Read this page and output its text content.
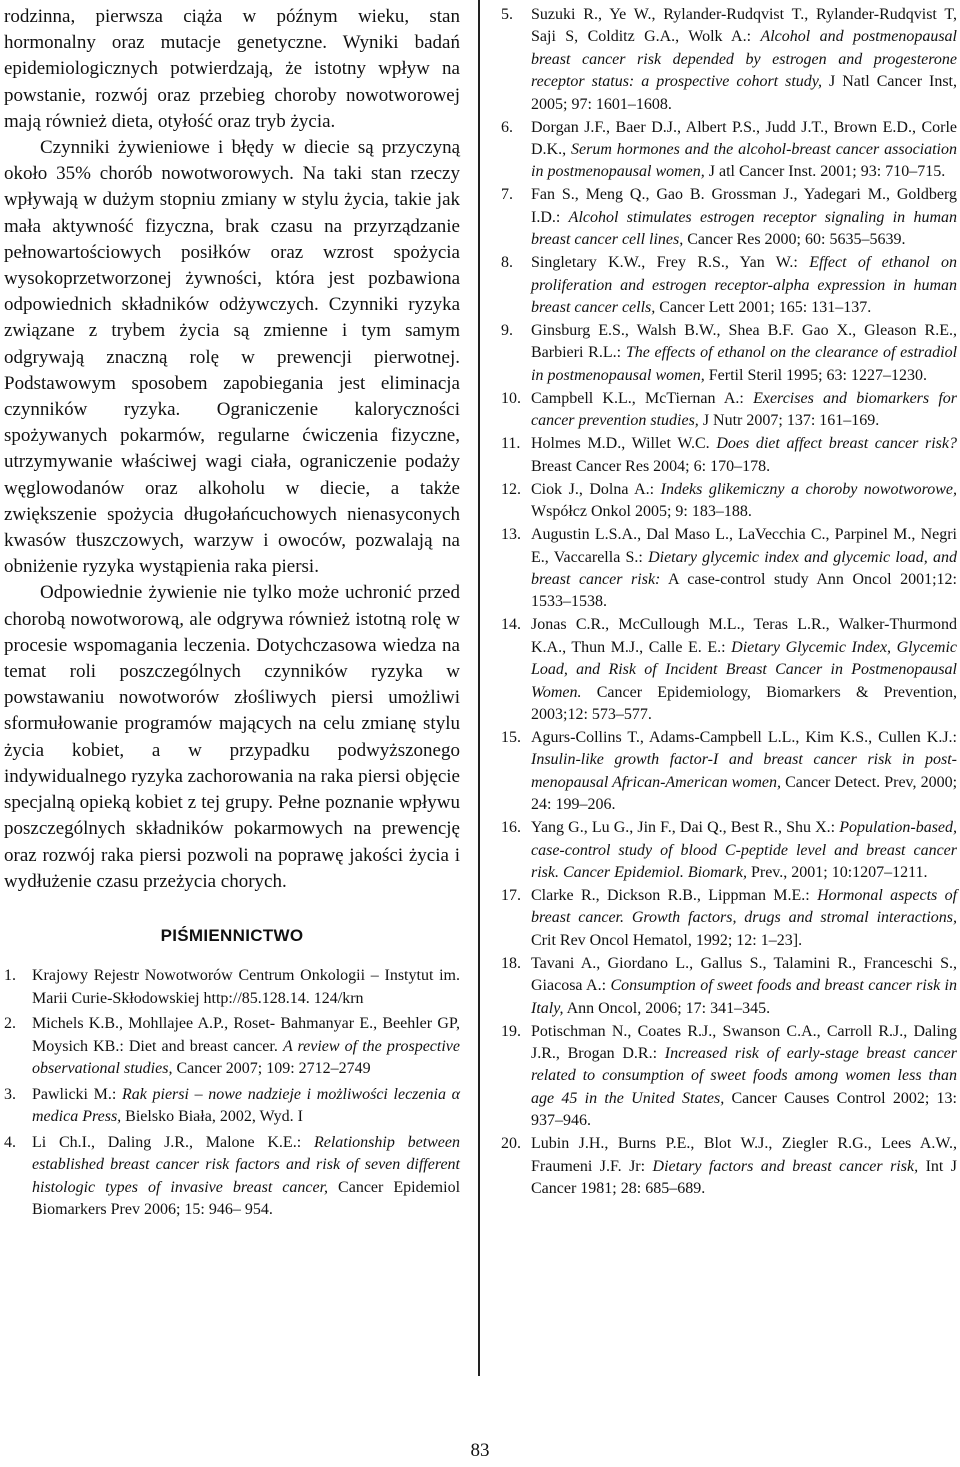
rodzinna, pierwsza ciąża w późnym wieku, stan hormonalny oraz mutacje genetyczne. Wyniki badań epidemiologicznych potwierdzają, że istotny wpływ na powstanie, rozwój oraz przebieg choroby nowotworowej mają również dieta, otyłość oraz tryb życia.

Czynniki żywieniowe i błędy w diecie są przyczyną około 35% chorób nowotworowych. Na taki stan rzeczy wpływają w dużym stopniu zmiany w stylu życia, takie jak mała aktywność fizyczna, brak czasu na przyrządzanie pełnowartościowych posiłków oraz wzrost spożycia wysokoprzetworzonej żywności, która jest pozbawiona odpowiednich składników odżywczych. Czynniki ryzyka związane z trybem życia są zmienne i tym samym odgrywają znaczną rolę w prewencji pierwotnej. Podstawowym sposobem zapobiegania jest eliminacja czynników ryzyka. Ograniczenie kaloryczności spożywanych pokarmów, regularne ćwiczenia fizyczne, utrzymywanie właściwej wagi ciała, ograniczenie podaży węglowodanów oraz alkoholu w diecie, a także zwiększenie spożycia długołańcuchowych nienasyconych kwasów tłuszczowych, warzyw i owoców, pozwalają na obniżenie ryzyka wystąpienia raka piersi.

Odpowiednie żywienie nie tylko może uchronić przed chorobą nowotworową, ale odgrywa również istotną rolę w procesie wspomagania leczenia. Dotychczasowa wiedza na temat roli poszczególnych czynników ryzyka w powstawaniu nowotworów złośliwych piersi umożliwi sformułowanie programów mających na celu zmianę stylu życia kobiet, a w przypadku podwyższonego indywidualnego ryzyka zachorowania na raka piersi objęcie specjalną opieką kobiet z tej grupy. Pełne poznanie wpływu poszczególnych składników pokarmowych na prewencję oraz rozwój raka piersi pozwoli na poprawę jakości życia i wydłużenie czasu przeżycia chorych.

PIŚMIENNICTWO

1. Krajowy Rejestr Nowotworów Centrum Onkologii – Instytut im. Marii Curie-Skłodowskiej http://85.128.14. 124/krn
2. Michels K.B., Mohllajee A.P., Roset- Bahmanyar E., Beehler GP, Moysich KB.: Diet and breast cancer. A review of the prospective observational studies, Cancer 2007; 109: 2712–2749
3. Pawlicki M.: Rak piersi – nowe nadzieje i możliwości leczenia α medica Press, Bielsko Biała, 2002, Wyd. I
4. Li Ch.I., Daling J.R., Malone K.E.: Relationship between established breast cancer risk factors and risk of seven different histologic types of invasive breast cancer, Cancer Epidemiol Biomarkers Prev 2006; 15: 946– 954.
5. Suzuki R., Ye W., Rylander-Rudqvist T., Rylander-Rudqvist T, Saji S, Colditz G.A., Wolk A.: Alcohol and postmenopausal breast cancer risk depended by estrogen and progesterone receptor status: a prospective cohort study, J Natl Cancer Inst, 2005; 97: 1601–1608.
6. Dorgan J.F., Baer D.J., Albert P.S., Judd J.T., Brown E.D., Corle D.K., Serum hormones and the alcohol-breast cancer association in postmenopausal women, J atl Cancer Inst. 2001; 93: 710–715.
7. Fan S., Meng Q., Gao B. Grossman J., Yadegari M., Goldberg I.D.: Alcohol stimulates estrogen receptor signaling in human breast cancer cell lines, Cancer Res 2000; 60: 5635–5639.
8. Singletary K.W., Frey R.S., Yan W.: Effect of ethanol on proliferation and estrogen receptor-alpha expression in human breast cancer cells, Cancer Lett 2001; 165: 131–137.
9. Ginsburg E.S., Walsh B.W., Shea B.F. Gao X., Gleason R.E., Barbieri R.L.: The effects of ethanol on the clearance of estradiol in postmenopausal women, Fertil Steril 1995; 63: 1227–1230.
10. Campbell K.L., McTiernan A.: Exercises and biomarkers for cancer prevention studies, J Nutr 2007; 137: 161–169.
11. Holmes M.D., Willet W.C. Does diet affect breast cancer risk? Breast Cancer Res 2004; 6: 170–178.
12. Ciok J., Dolna A.: Indeks glikemiczny a choroby nowotworowe, Współcz Onkol 2005; 9: 183–188.
13. Augustin L.S.A., Dal Maso L., LaVecchia C., Parpinel M., Negri E., Vaccarella S.: Dietary glycemic index and glycemic load, and breast cancer risk: A case-control study Ann Oncol 2001;12: 1533–1538.
14. Jonas C.R., McCullough M.L., Teras L.R., Walker-Thurmond K.A., Thun M.J., Calle E. E.: Dietary Glycemic Index, Glycemic Load, and Risk of Incident Breast Cancer in Postmenopausal Women. Cancer Epidemiology, Biomarkers & Prevention, 2003;12: 573–577.
15. Agurs-Collins T., Adams-Campbell L.L., Kim K.S., Cullen K.J.: Insulin-like growth factor-I and breast cancer risk in post-menopausal African-American women, Cancer Detect. Prev, 2000; 24: 199–206.
16. Yang G., Lu G., Jin F., Dai Q., Best R., Shu X.: Population-based, case-control study of blood C-peptide level and breast cancer risk. Cancer Epidemiol. Biomark, Prev., 2001; 10:1207–1211.
17. Clarke R., Dickson R.B., Lippman M.E.: Hormonal aspects of breast cancer. Growth factors, drugs and stromal interactions, Crit Rev Oncol Hematol, 1992; 12: 1–23].
18. Tavani A., Giordano L., Gallus S., Talamini R., Franceschi S., Giacosa A.: Consumption of sweet foods and breast cancer risk in Italy, Ann Oncol, 2006; 17: 341–345.
19. Potischman N., Coates R.J., Swanson C.A., Carroll R.J., Daling J.R., Brogan D.R.: Increased risk of early-stage breast cancer related to consumption of sweet foods among women less than age 45 in the United States, Cancer Causes Control 2002; 13: 937–946.
20. Lubin J.H., Burns P.E., Blot W.J., Ziegler R.G., Lees A.W., Fraumeni J.F. Jr: Dietary factors and breast cancer risk, Int J Cancer 1981; 28: 685–689.
83
